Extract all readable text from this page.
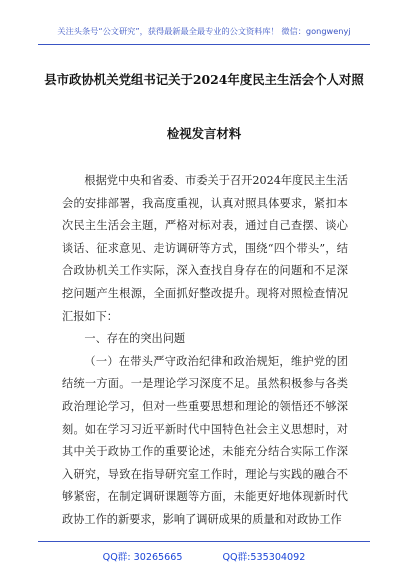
关注头条号“公文研究”，获得最新最全最专业的公文资料库！ 微信：gongwenyj
县市政协机关党组书记关于2024年度民主生活会个人对照
检视发言材料

根据党中央和省委、市委关于召开2024年度民主生活会的安排部署，我高度重视，认真对照具体要求，紧扣本次民主生活会主题，严格对标对表，通过自己查摆、谈心谈话、征求意见、走访调研等方式，围绕“四个带头”，结合政协机关工作实际，深入查找自身存在的问题和不足深挖问题产生根源，全面抓好整改提升。现将对照检查情况汇报如下：

一、存在的突出问题

（一）在带头严守政治纪律和政治规矩，维护党的团结统一方面。一是理论学习深度不足。虽然积极参与各类政治理论学习，但对一些重要思想和理论的领悟还不够深刻。如在学习习近平新时代中国特色社会主义思想时，对其中关于政协工作的重要论述，未能充分结合实际工作深入研究，导致在指导研究室工作时，理论与实践的融合不够紧密，在制定调研课题等方面，未能更好地体现新时代政协工作的新要求，影响了调研成果的质量和对政协工作

QQ群: 30265665	QQ群:535304092
